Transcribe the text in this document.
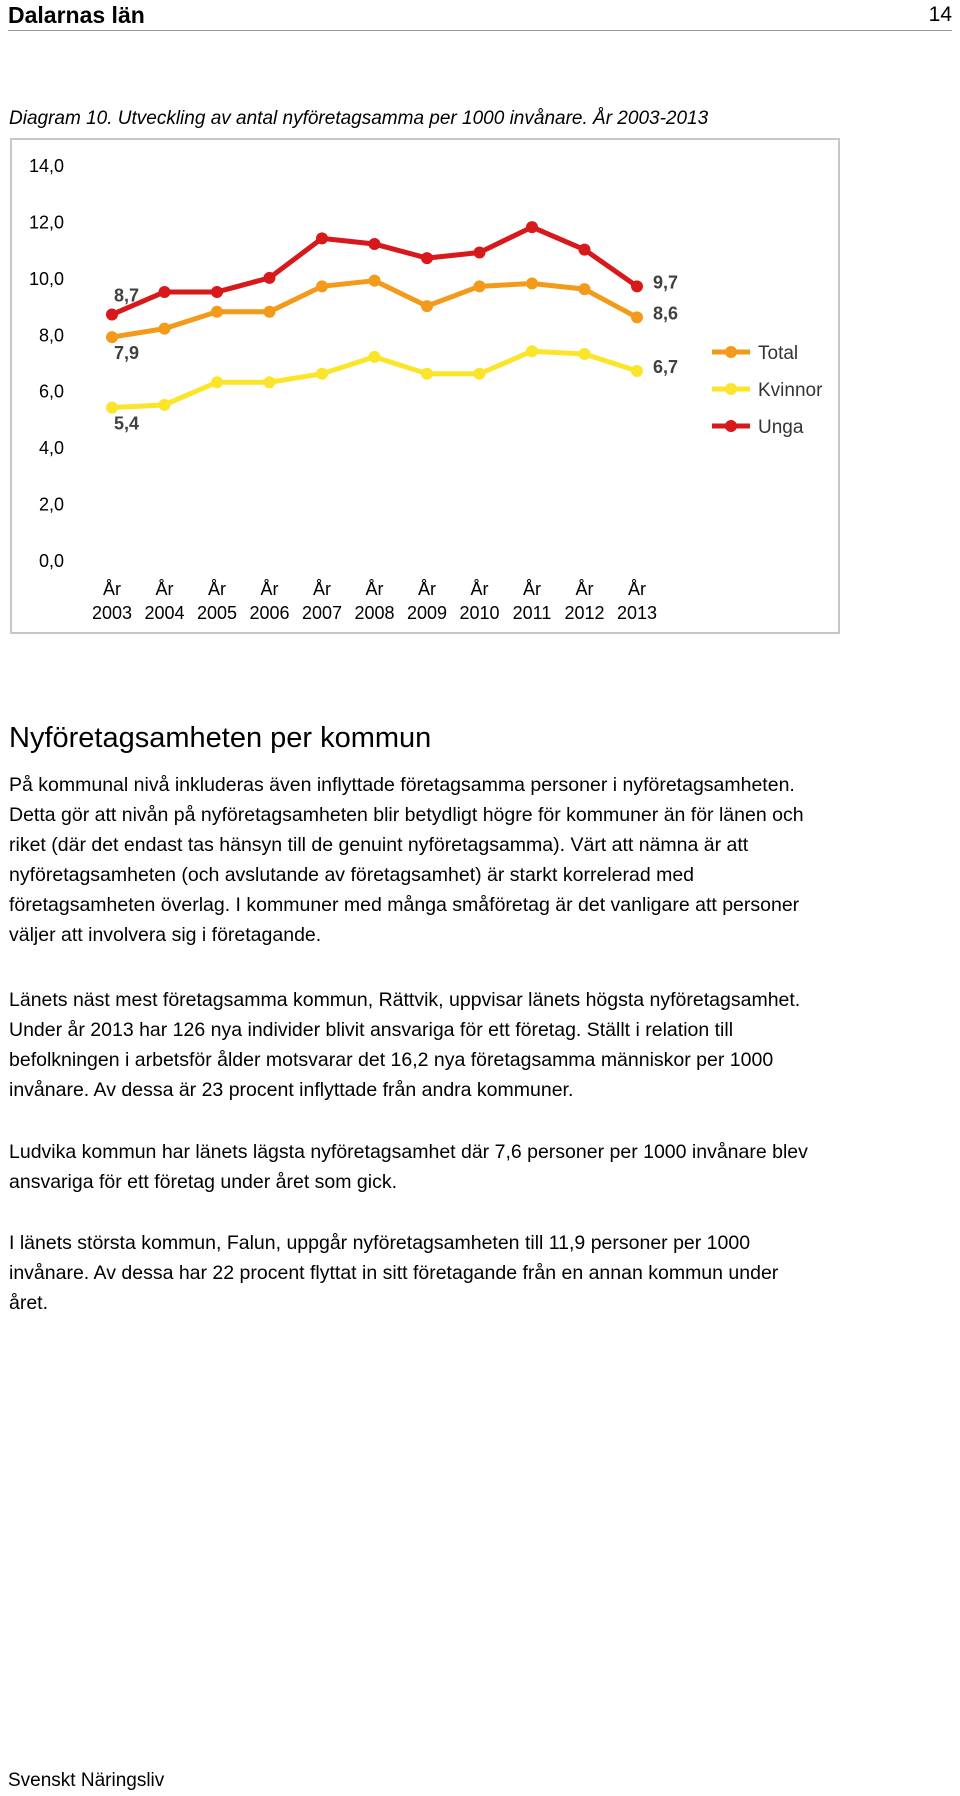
Dalarnas län	14
Diagram 10. Utveckling av antal nyföretagsamma per 1000 invånare. År 2003-2013
0,0
2,0
4,0
6,0
8,0
10,0
12,0
14,0
År 2003
År 2004
År 2005
År 2006
År 2007
År 2008
År 2009
År 2010
År 2011
År 2012
År 2013
7,9
8,6
5,4
6,7
8,7
9,7
Total
Kvinnor
Unga
Nyföretagsamheten per kommun
På kommunal nivå inkluderas även inflyttade företagsamma personer i nyföretagsamheten.
Detta gör att nivån på nyföretagsamheten blir betydligt högre för kommuner än för länen och
riket (där det endast tas hänsyn till de genuint nyföretagsamma). Värt att nämna är att
nyföretagsamheten (och avslutande av företagsamhet) är starkt korrelerad med
företagsamheten överlag. I kommuner med många småföretag är det vanligare att personer
väljer att involvera sig i företagande.
Länets näst mest företagsamma kommun, Rättvik, uppvisar länets högsta nyföretagsamhet.
Under år 2013 har 126 nya individer blivit ansvariga för ett företag. Ställt i relation till
befolkningen i arbetsför ålder motsvarar det 16,2 nya företagsamma människor per 1000
invånare. Av dessa är 23 procent inflyttade från andra kommuner.
Ludvika kommun har länets lägsta nyföretagsamhet där 7,6 personer per 1000 invånare blev
ansvariga för ett företag under året som gick.
I länets största kommun, Falun, uppgår nyföretagsamheten till 11,9 personer per 1000
invånare. Av dessa har 22 procent flyttat in sitt företagande från en annan kommun under
året.
Svenskt Näringsliv
